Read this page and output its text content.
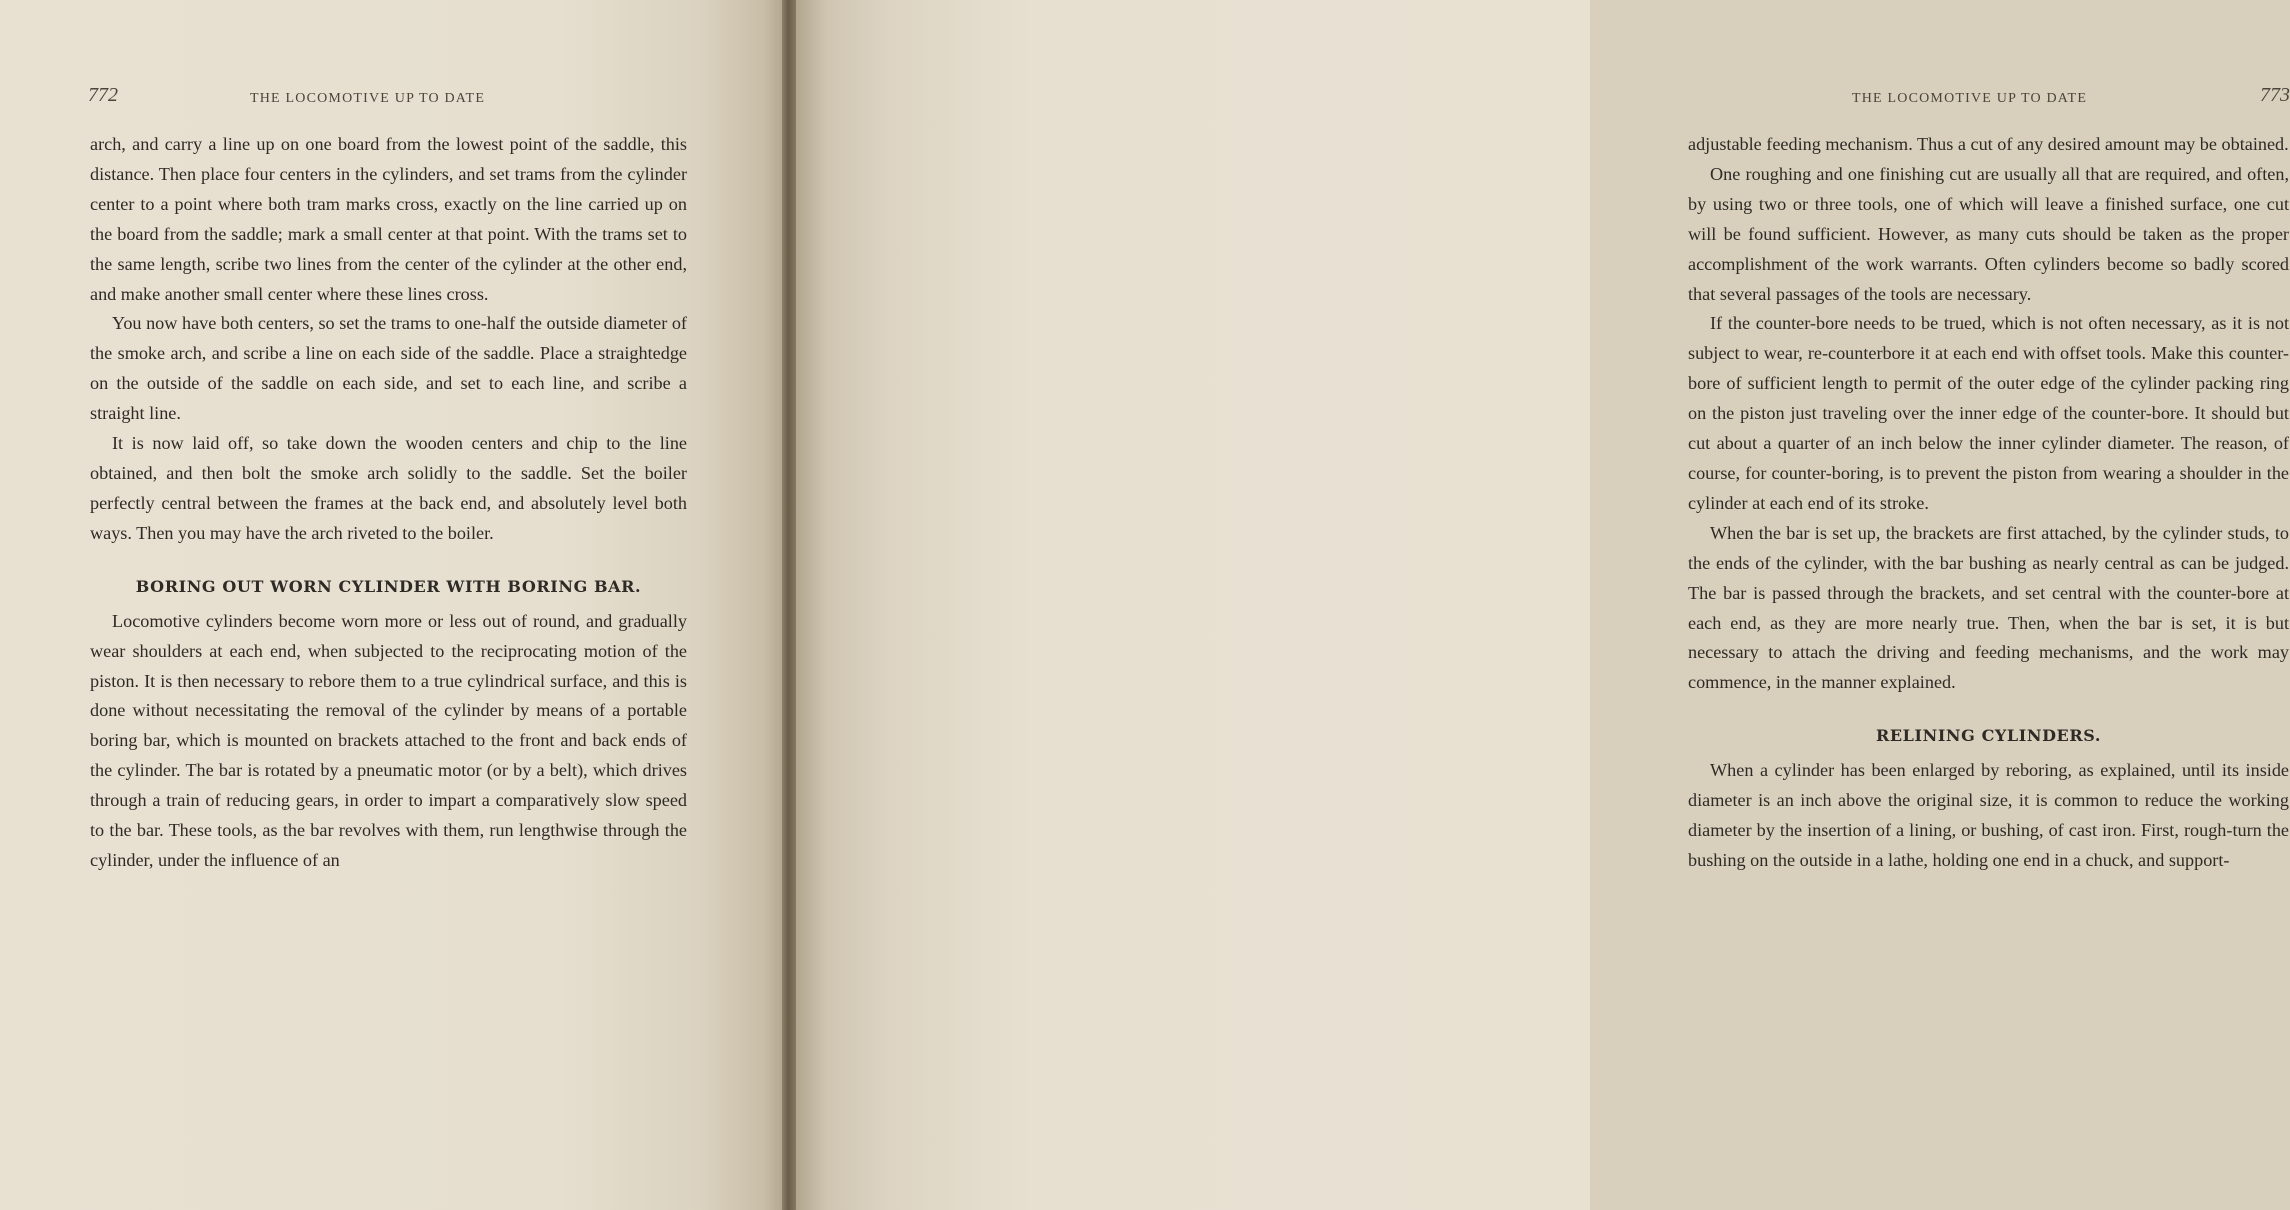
772	THE LOCOMOTIVE UP TO DATE

arch, and carry a line up on one board from the lowest point of the saddle, this distance. Then place four centers in the cylinders, and set trams from the cylinder center to a point where both tram marks cross, exactly on the line carried up on the board from the saddle; mark a small center at that point. With the trams set to the same length, scribe two lines from the center of the cylinder at the other end, and make another small center where these lines cross.

You now have both centers, so set the trams to one-half the outside diameter of the smoke arch, and scribe a line on each side of the saddle. Place a straightedge on the outside of the saddle on each side, and set to each line, and scribe a straight line.

It is now laid off, so take down the wooden centers and chip to the line obtained, and then bolt the smoke arch solidly to the saddle. Set the boiler perfectly central between the frames at the back end, and absolutely level both ways. Then you may have the arch riveted to the boiler.

BORING OUT WORN CYLINDER WITH BORING BAR.

Locomotive cylinders become worn more or less out of round, and gradually wear shoulders at each end, when subjected to the reciprocating motion of the piston. It is then necessary to rebore them to a true cylindrical surface, and this is done without necessitating the removal of the cylinder by means of a portable boring bar, which is mounted on brackets attached to the front and back ends of the cylinder. The bar is rotated by a pneumatic motor (or by a belt), which drives through a train of reducing gears, in order to impart a comparatively slow speed to the bar. These tools, as the bar revolves with them, run lengthwise through the cylinder, under the influence of an

THE LOCOMOTIVE UP TO DATE	773

adjustable feeding mechanism. Thus a cut of any desired amount may be obtained.

One roughing and one finishing cut are usually all that are required, and often, by using two or three tools, one of which will leave a finished surface, one cut will be found sufficient. However, as many cuts should be taken as the proper accomplishment of the work warrants. Often cylinders become so badly scored that several passages of the tools are necessary.

If the counter-bore needs to be trued, which is not often necessary, as it is not subject to wear, re-counterbore it at each end with offset tools. Make this counter-bore of sufficient length to permit of the outer edge of the cylinder packing ring on the piston just traveling over the inner edge of the counter-bore. It should but cut about a quarter of an inch below the inner cylinder diameter. The reason, of course, for counter-boring, is to prevent the piston from wearing a shoulder in the cylinder at each end of its stroke.

When the bar is set up, the brackets are first attached, by the cylinder studs, to the ends of the cylinder, with the bar bushing as nearly central as can be judged. The bar is passed through the brackets, and set central with the counter-bore at each end, as they are more nearly true. Then, when the bar is set, it is but necessary to attach the driving and feeding mechanisms, and the work may commence, in the manner explained.

RELINING CYLINDERS.

When a cylinder has been enlarged by reboring, as explained, until its inside diameter is an inch above the original size, it is common to reduce the working diameter by the insertion of a lining, or bushing, of cast iron. First, rough-turn the bushing on the outside in a lathe, holding one end in a chuck, and support-
